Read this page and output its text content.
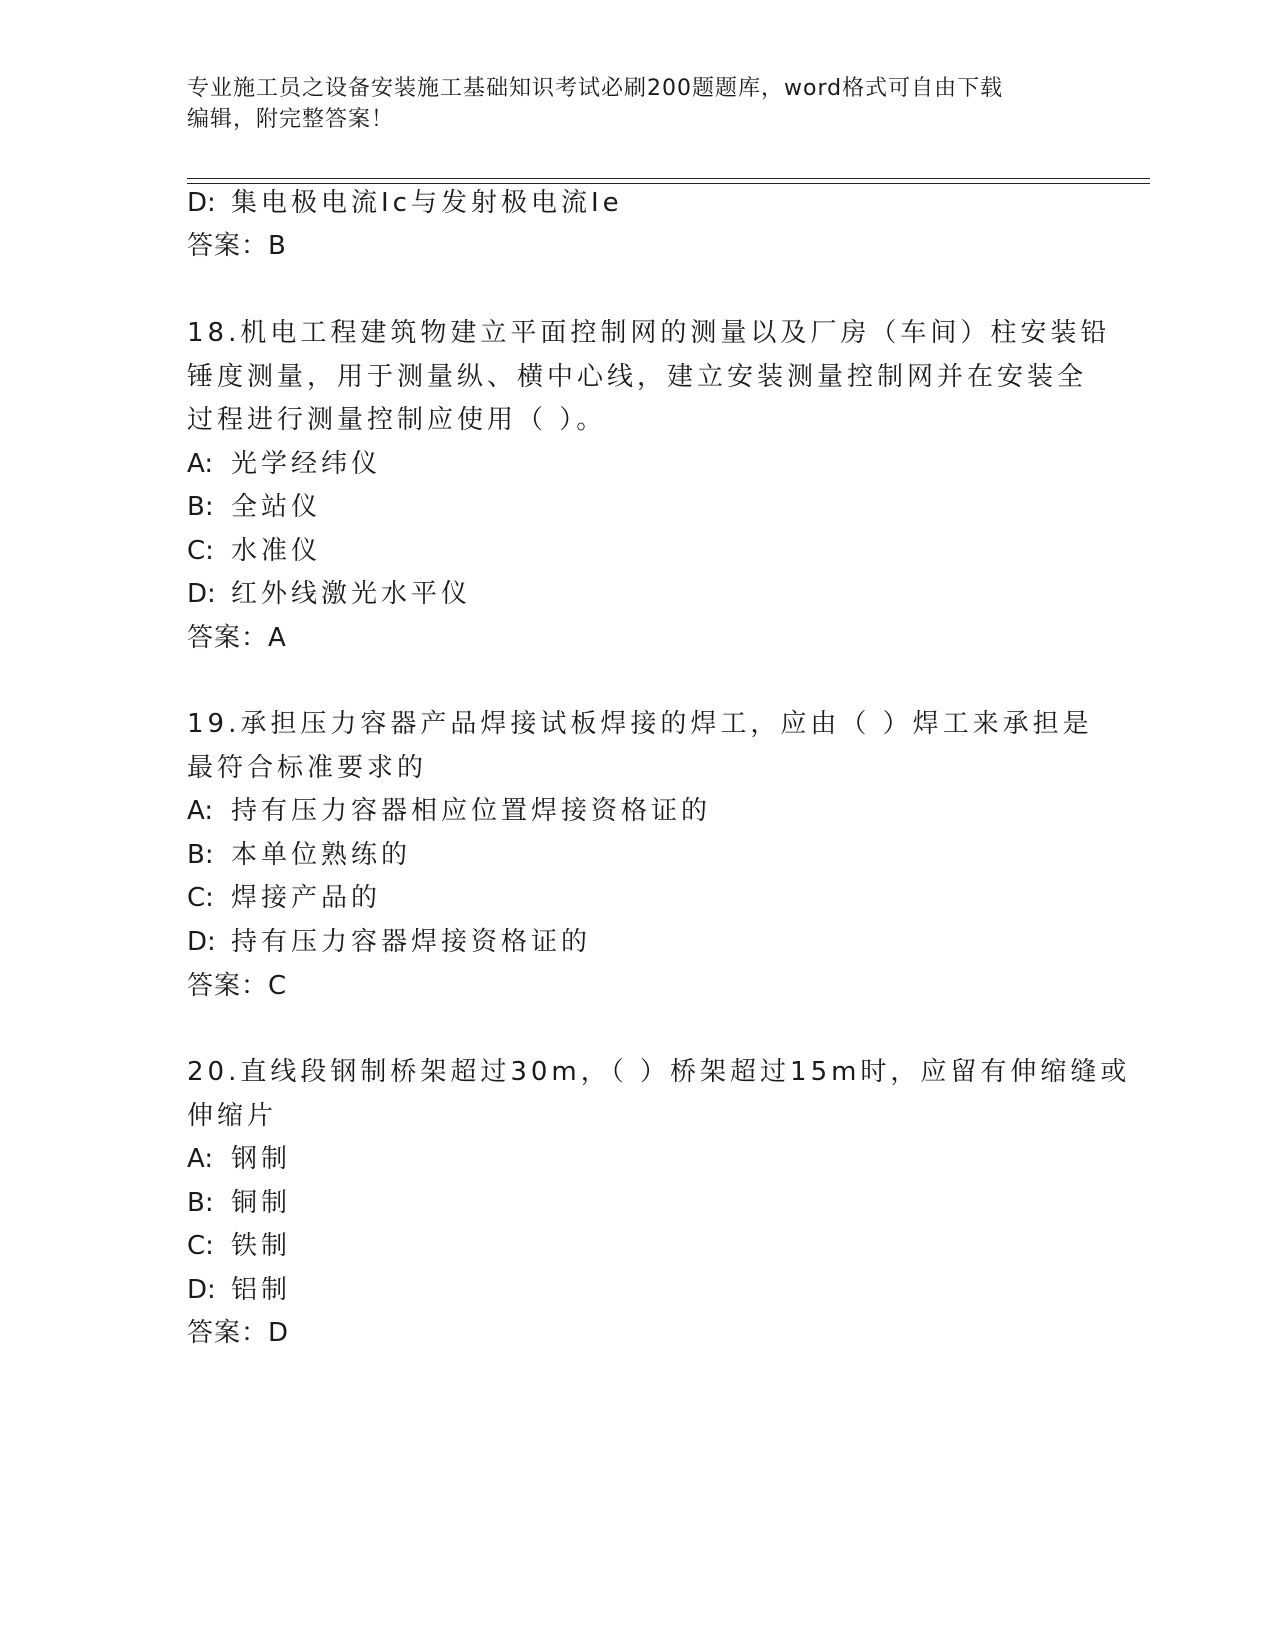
专业施工员之设备安装施工基础知识考试必刷200题题库，word格式可自由下载
编辑，附完整答案！
D: 集电极电流Ic与发射极电流Ie
答案：B
18.机电工程建筑物建立平面控制网的测量以及厂房（车间）柱安装铅
锤度测量，用于测量纵、横中心线，建立安装测量控制网并在安装全
过程进行测量控制应使用（ ）。
A: 光学经纬仪
B: 全站仪
C: 水准仪
D: 红外线激光水平仪
答案：A
19.承担压力容器产品焊接试板焊接的焊工，应由（ ）焊工来承担是
最符合标准要求的
A: 持有压力容器相应位置焊接资格证的
B: 本单位熟练的
C: 焊接产品的
D: 持有压力容器焊接资格证的
答案：C
20.直线段钢制桥架超过30m，（ ）桥架超过15m时，应留有伸缩缝或
伸缩片
A: 钢制
B: 铜制
C: 铁制
D: 铝制
答案：D
